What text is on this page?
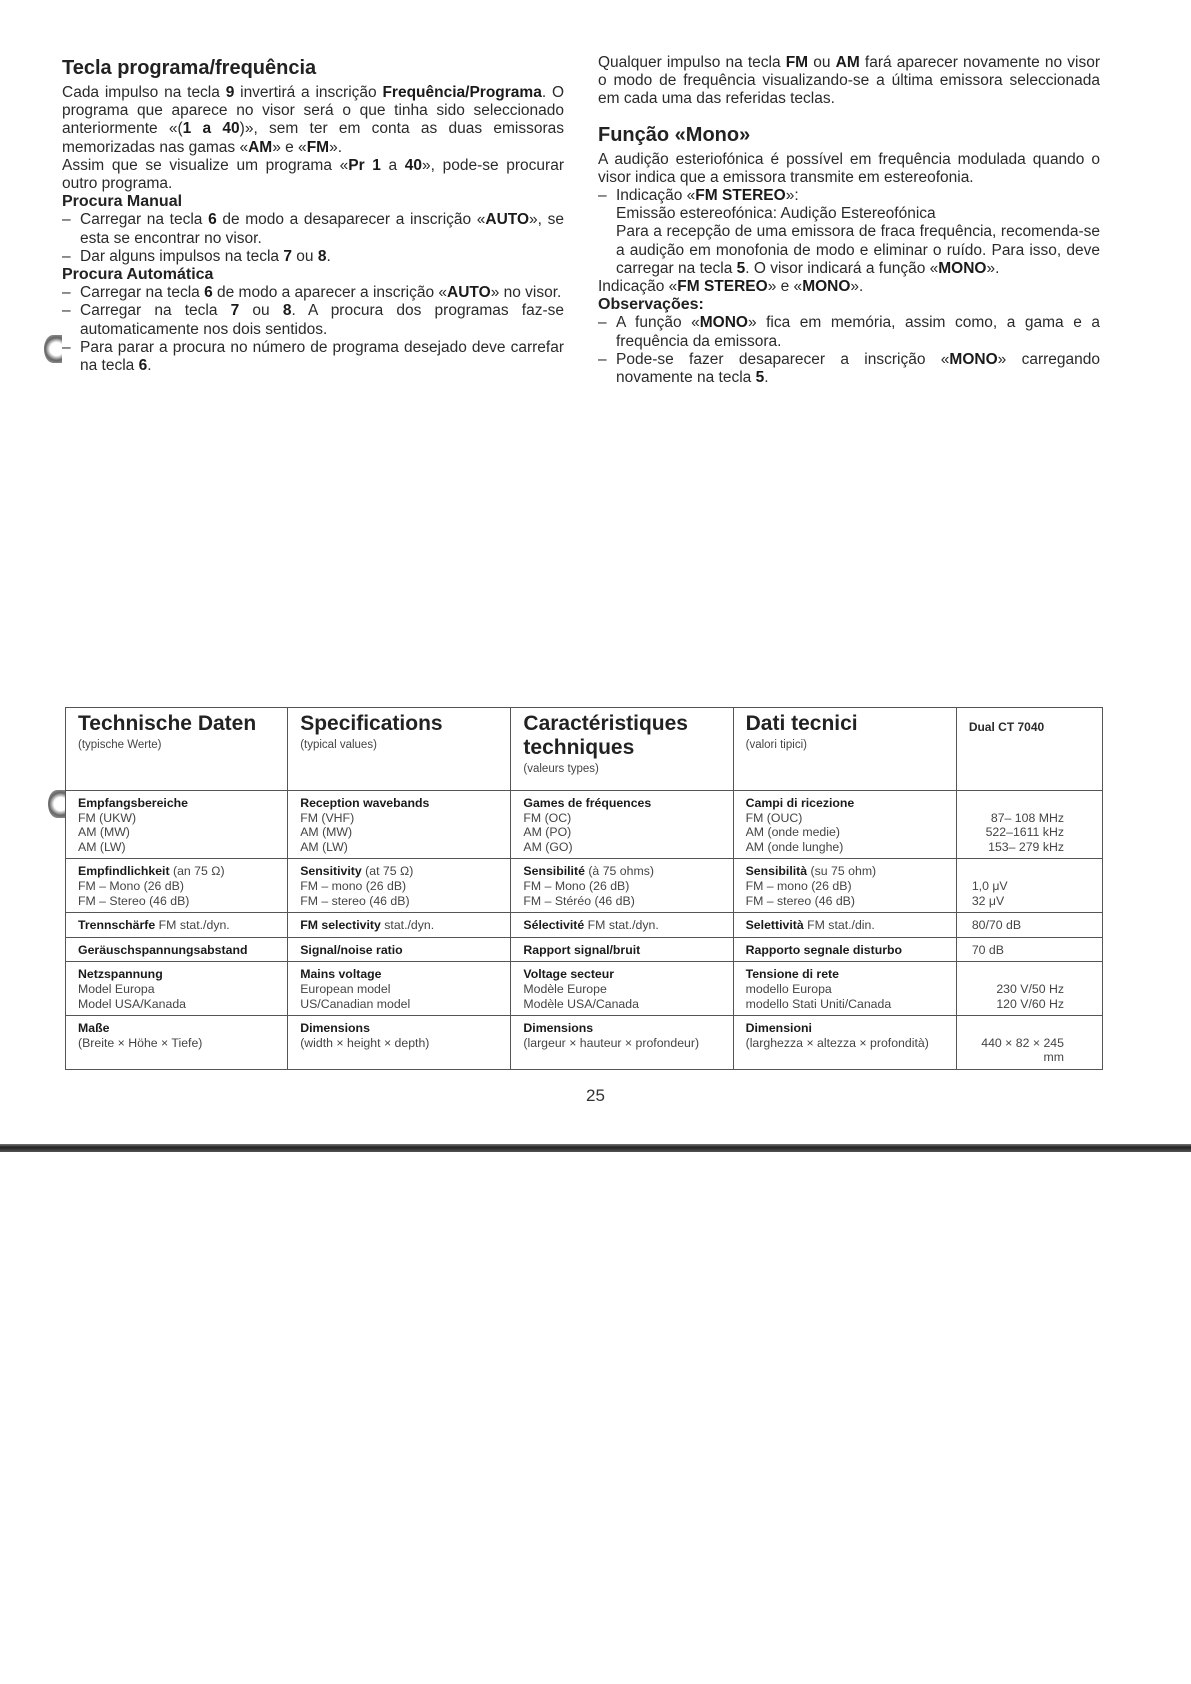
Tecla programa/frequência

Cada impulso na tecla 9 invertirá a inscrição Frequência/Programa. O programa que aparece no visor será o que tinha sido seleccionado anteriormente «(1 a 40)», sem ter em conta as duas emissoras memorizadas nas gamas «AM» e «FM».

Assim que se visualize um programa «Pr 1 a 40», pode-se procurar outro programa.

Procura Manual
– Carregar na tecla 6 de modo a desaparecer a inscrição «AUTO», se esta se encontrar no visor.
– Dar alguns impulsos na tecla 7 ou 8.
Procura Automática
– Carregar na tecla 6 de modo a aparecer a inscrição «AUTO» no visor.
– Carregar na tecla 7 ou 8. A procura dos programas faz-se automaticamente nos dois sentidos.
– Para parar a procura no número de programa desejado deve carrefar na tecla 6.

Qualquer impulso na tecla FM ou AM fará aparecer novamente no visor o modo de frequência visualizando-se a última emissora seleccionada em cada uma das referidas teclas.

Função «Mono»

A audição esteriofónica é possível em frequência modulada quando o visor indica que a emissora transmite em estereofonia.

– Indicação «FM STEREO»:

Emissão estereofónica: Audição Estereofónica

Para a recepção de uma emissora de fraca frequência, recomenda-se a audição em monofonia de modo e eliminar o ruído. Para isso, deve carregar na tecla 5. O visor indicará a função «MONO».

Indicação «FM STEREO» e «MONO».

Observações:
– A função «MONO» fica em memória, assim como, a gama e a frequência da emissora.
– Pode-se fazer desaparecer a inscrição «MONO» carregando novamente na tecla 5.
Technische Daten
(typische Werte)	Specifications
(typical values)	Caractéristiques techniques
(valeurs types)	Dati tecnici
(valori tipici)	Dual CT 7040

Empfangsbereiche
FM (UKW)
AM (MW)
AM (LW)	Reception wavebands
FM (VHF)
AM (MW)
AM (LW)	Games de fréquences
FM (OC)
AM (PO)
AM (GO)	Campi di ricezione
FM (OUC)
AM (onde medie)
AM (onde lunghe)	87– 108 MHz
522–1611 kHz
153– 279 kHz

Empfindlichkeit (an 75 Ω)
FM – Mono (26 dB)
FM – Stereo (46 dB)	Sensitivity (at 75 Ω)
FM – mono (26 dB)
FM – stereo (46 dB)	Sensibilité (à 75 ohms)
FM – Mono (26 dB)
FM – Stéréo (46 dB)	Sensibilità (su 75 ohm)
FM – mono (26 dB)
FM – stereo (46 dB)	1,0 μV
32 μV

Trennschärfe FM stat./dyn.	FM selectivity stat./dyn.	Sélectivité FM stat./dyn.	Selettività FM stat./din.	80/70 dB

Geräuschspannungsabstand	Signal/noise ratio	Rapport signal/bruit	Rapporto segnale disturbo	70 dB

Netzspannung
Model Europa
Model USA/Kanada	Mains voltage
European model
US/Canadian model	Voltage secteur
Modèle Europe
Modèle USA/Canada	Tensione di rete
modello Europa
modello Stati Uniti/Canada	230 V/50 Hz
120 V/60 Hz

Maße
(Breite × Höhe × Tiefe)	Dimensions
(width × height × depth)	Dimensions
(largeur × hauteur × profondeur)	Dimensioni
(larghezza × altezza × profondità)	440 × 82 × 245 mm
25
